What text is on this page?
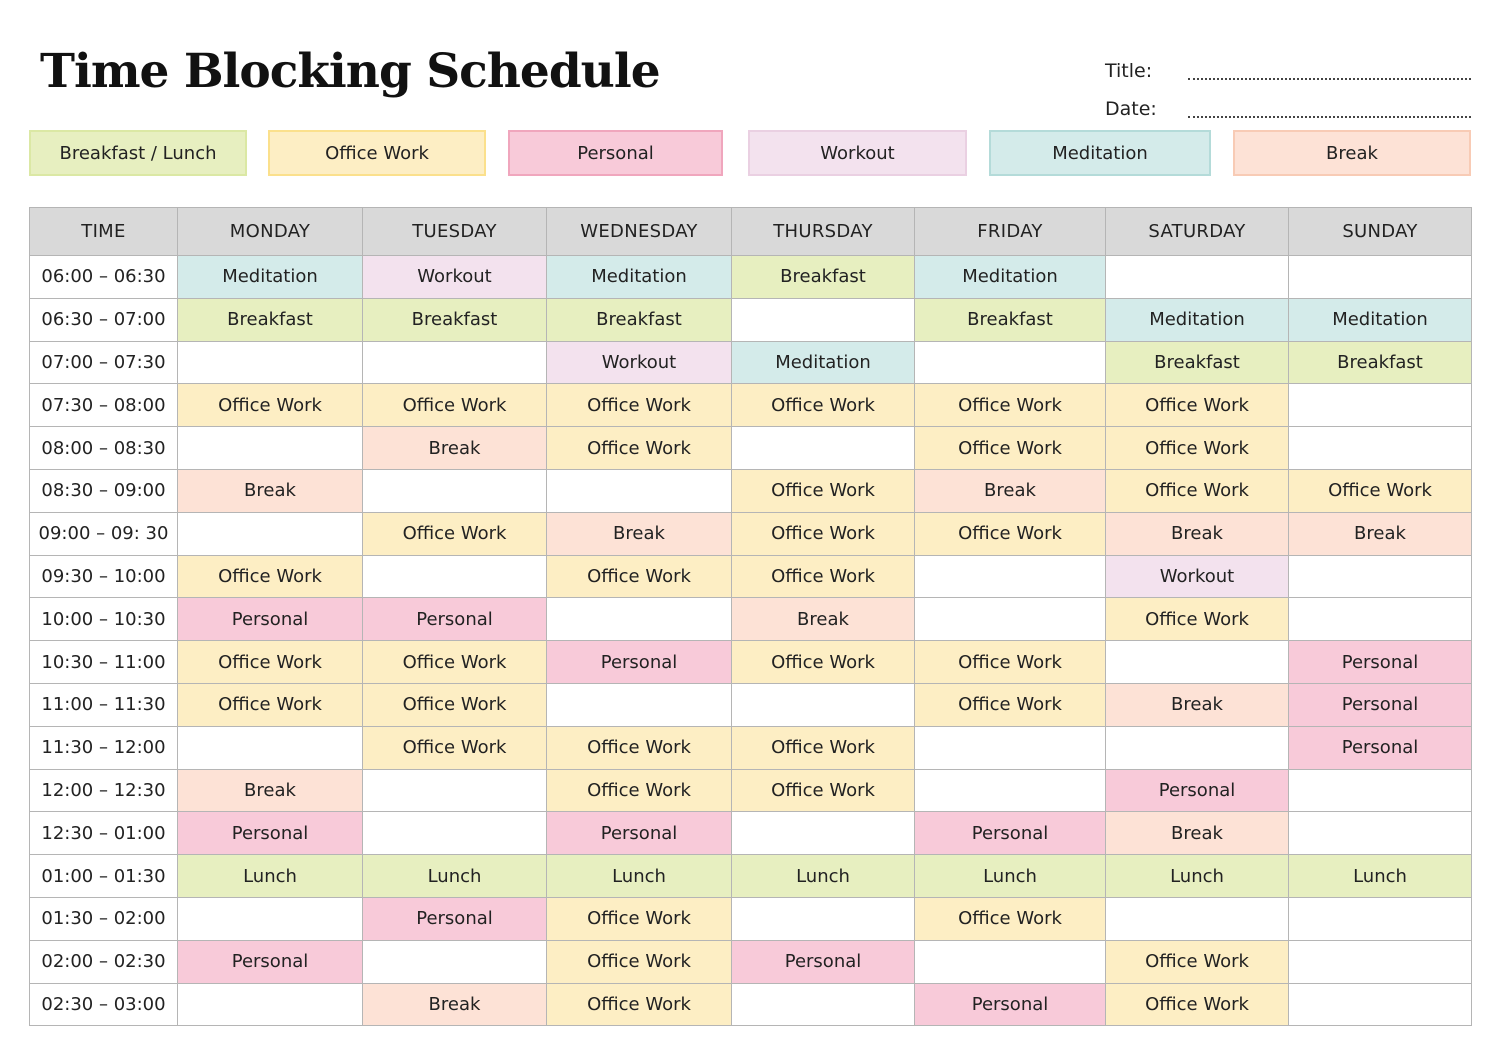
Time Blocking Schedule	Title:
Date:
Breakfast / Lunch	Office Work	Personal	Workout	Meditation	Break
TIME	MONDAY	TUESDAY	WEDNESDAY	THURSDAY	FRIDAY	SATURDAY	SUNDAY
06:00 – 06:30	Meditation	Workout	Meditation	Breakfast	Meditation		
06:30 – 07:00	Breakfast	Breakfast	Breakfast		Breakfast	Meditation	Meditation
07:00 – 07:30			Workout	Meditation		Breakfast	Breakfast
07:30 – 08:00	Office Work	Office Work	Office Work	Office Work	Office Work	Office Work	
08:00 – 08:30		Break	Office Work		Office Work	Office Work	
08:30 – 09:00	Break			Office Work	Break	Office Work	Office Work
09:00 – 09: 30		Office Work	Break	Office Work	Office Work	Break	Break
09:30 – 10:00	Office Work		Office Work	Office Work		Workout	
10:00 – 10:30	Personal	Personal		Break		Office Work	
10:30 – 11:00	Office Work	Office Work	Personal	Office Work	Office Work		Personal
11:00 – 11:30	Office Work	Office Work			Office Work	Break	Personal
11:30 – 12:00		Office Work	Office Work	Office Work			Personal
12:00 – 12:30	Break		Office Work	Office Work		Personal	
12:30 – 01:00	Personal		Personal		Personal	Break	
01:00 – 01:30	Lunch	Lunch	Lunch	Lunch	Lunch	Lunch	Lunch
01:30 – 02:00		Personal	Office Work		Office Work		
02:00 – 02:30	Personal		Office Work	Personal		Office Work	
02:30 – 03:00		Break	Office Work		Personal	Office Work	
